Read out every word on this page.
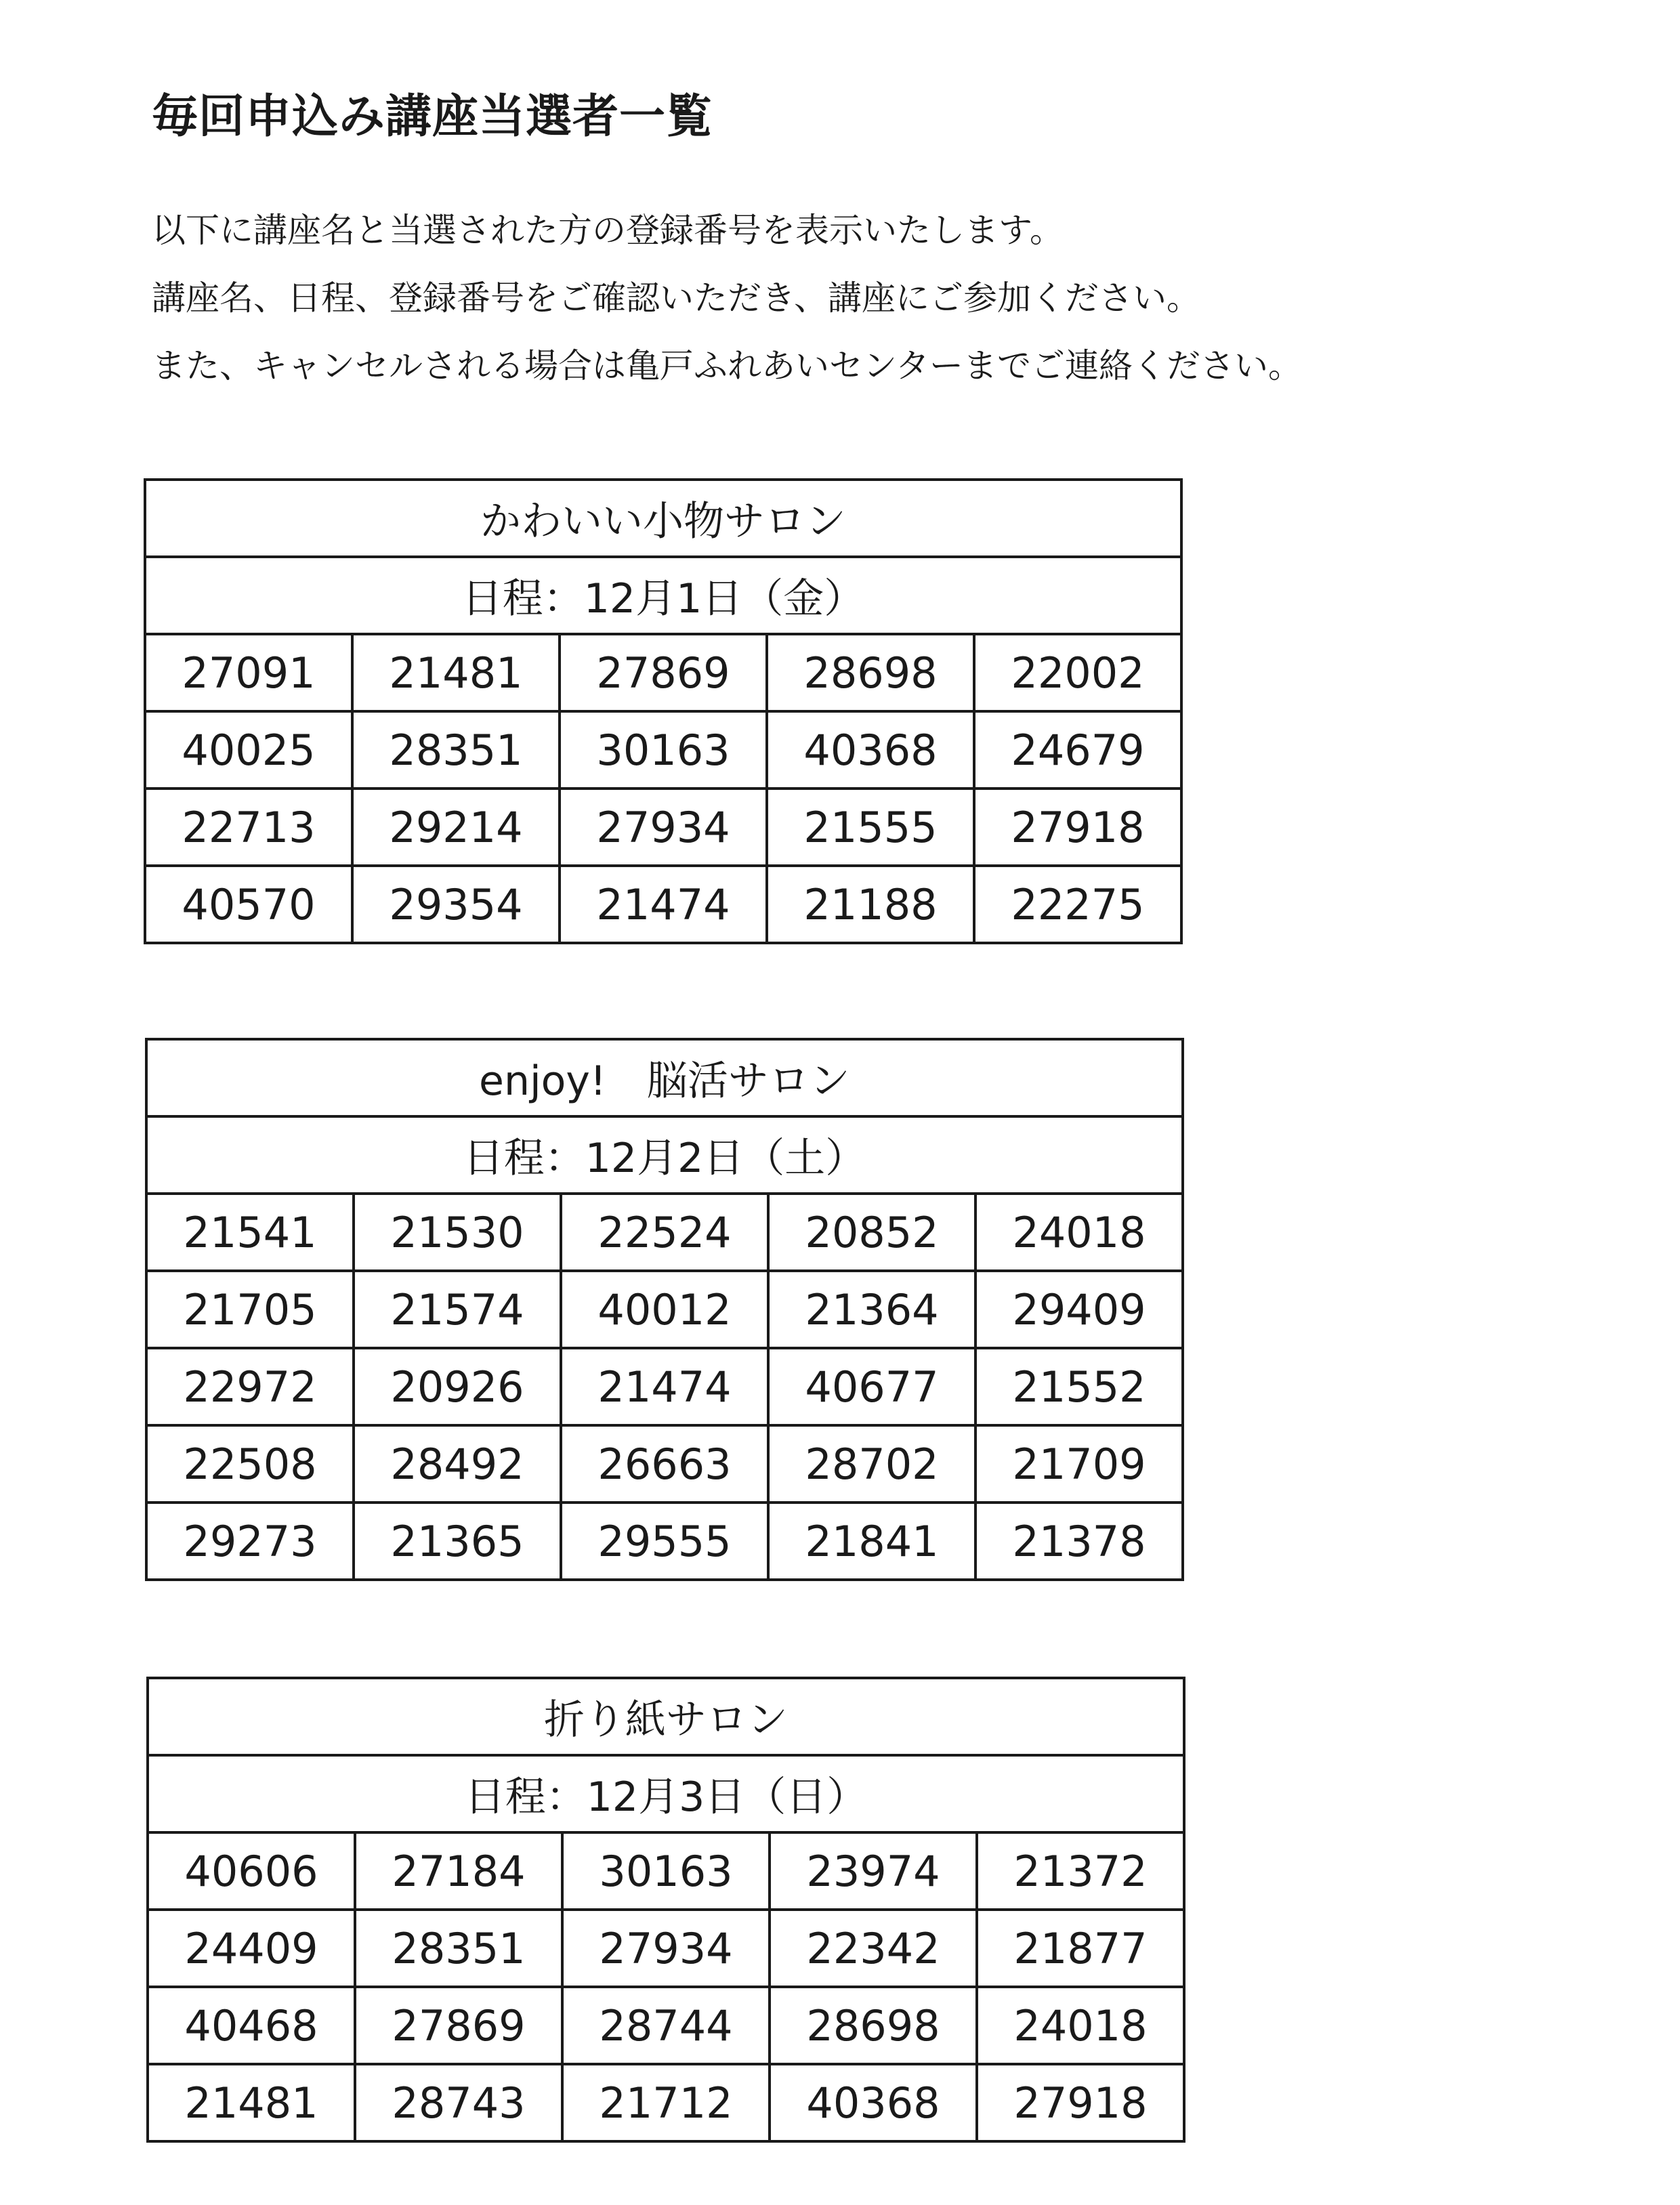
毎回申込み講座当選者一覧

以下に講座名と当選された方の登録番号を表示いたします。

講座名、日程、登録番号をご確認いただき、講座にご参加ください。

また、キャンセルされる場合は亀戸ふれあいセンターまでご連絡ください。

かわいい小物サロン				
日程：12月1日（金）				
27091	21481	27869	28698	22002
40025	28351	30163	40368	24679
22713	29214	27934	21555	27918
40570	29354	21474	21188	22275
enjoy!　脳活サロン				
日程：12月2日（土）				
21541	21530	22524	20852	24018
21705	21574	40012	21364	29409
22972	20926	21474	40677	21552
22508	28492	26663	28702	21709
29273	21365	29555	21841	21378
折り紙サロン				
日程：12月3日（日）				
40606	27184	30163	23974	21372
24409	28351	27934	22342	21877
40468	27869	28744	28698	24018
21481	28743	21712	40368	27918
